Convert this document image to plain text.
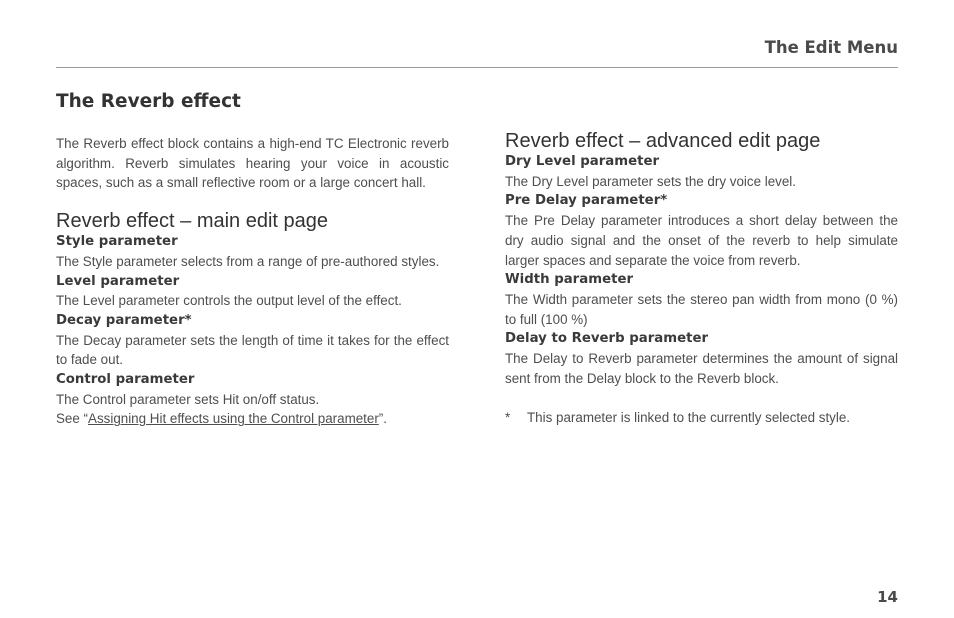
The Edit Menu
The Reverb effect

The Reverb effect block contains a high-end TC Electronic reverb algorithm. Reverb simulates hearing your voice in acoustic spaces, such as a small reflective room or a large concert hall.

Reverb effect – main edit page
Style parameter

The Style parameter selects from a range of pre-authored styles.

Level parameter

The Level parameter controls the output level of the effect.

Decay parameter*

The Decay parameter sets the length of time it takes for the effect to fade out.

Control parameter

The Control parameter sets Hit on/off status.

See “Assigning Hit effects using the Control parameter”.

Reverb effect – advanced edit page
Dry Level parameter

The Dry Level parameter sets the dry voice level.

Pre Delay parameter*

The Pre Delay parameter introduces a short delay between the dry audio signal and the onset of the reverb to help simulate larger spaces and separate the voice from reverb.

Width parameter

The Width parameter sets the stereo pan width from mono (0 %) to full (100 %)

Delay to Reverb parameter

The Delay to Reverb parameter determines the amount of signal sent from the Delay block to the Reverb block.

*	This parameter is linked to the currently selected style.
14
